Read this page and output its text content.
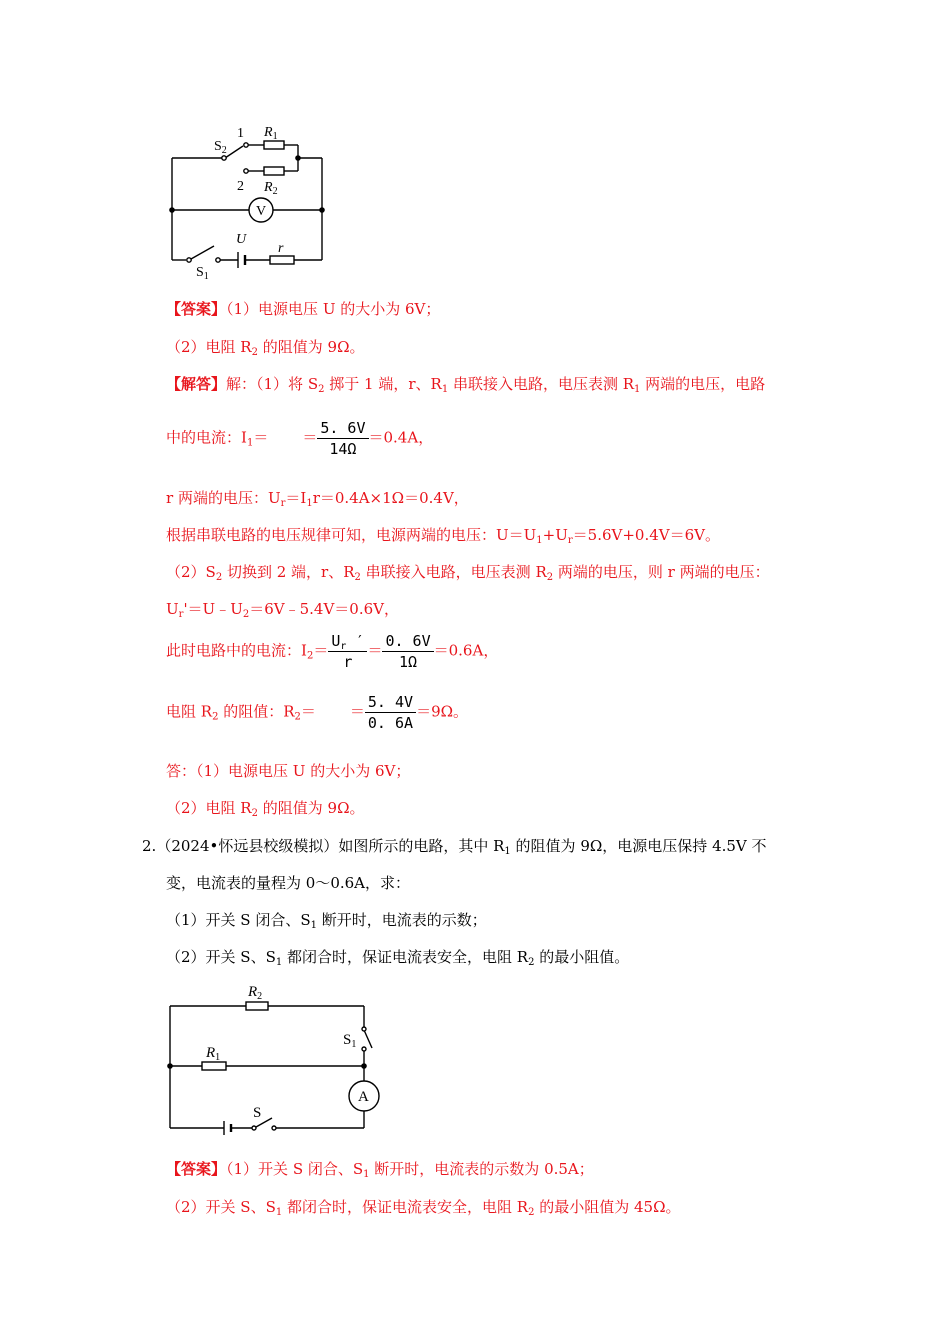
$S_2$
1
2
$R_1$
$R_2$
V
U
r
$S_1$
【答案】（1）电源电压 U 的大小为 6V；
（2）电阻 $R_2$ 的阻值为 9Ω。
【解答】解：（1）将 $S_2$ 掷于 1 端，r、$R_1$ 串联接入电路，电压表测 $R_1$ 两端的电压，电路
中的电流：$I_1= = \frac{5. 6V}{14\Omega} =0.4A$，
r 两端的电压：$U_r=I_1r=0.4A\times 1\Omega=0.4V$，
根据串联电路的电压规律可知，电源两端的电压：$U=U_1+U_r=5.6V+0.4V=6V$。
$(2)S_2$ 切换到 2 端，r、$R_2$ 串联接入电路，电压表测 $R_2$ 两端的电压，则 r 两端的电压：
$U_r'=U﹣U_2=6V﹣5.4V=0.6V$，
此时电路中的电流：$I_2= \frac{U_r '}{r} = \frac{0. 6V}{1\Omega} =0.6A$，
电阻 $R_2$ 的阻值：$R_2= = \frac{5. 4V}{0. 6A} =9\Omega$。
答：（1）电源电压 U 的大小为 6V；
（2）电阻 $R_2$ 的阻值为 9Ω。
2.（2024•怀远县校级模拟）如图所示的电路，其中 $R_1$ 的阻值为 9Ω，电源电压保持 4.5V 不
变，电流表的量程为 0～0.6A，求：
（1）开关 S 闭合、$S_1$ 断开时，电流表的示数；
（2）开关 S、$S_1$ 都闭合时，保证电流表安全，电阻 $R_2$ 的最小阻值。
$R_2$
$R_1$
$S_1$
A
S
【答案】（1）开关 S 闭合、$S_1$ 断开时，电流表的示数为 0.5A；
（2）开关 S、$S_1$ 都闭合时，保证电流表安全，电阻 $R_2$ 的最小阻值为 45Ω。
